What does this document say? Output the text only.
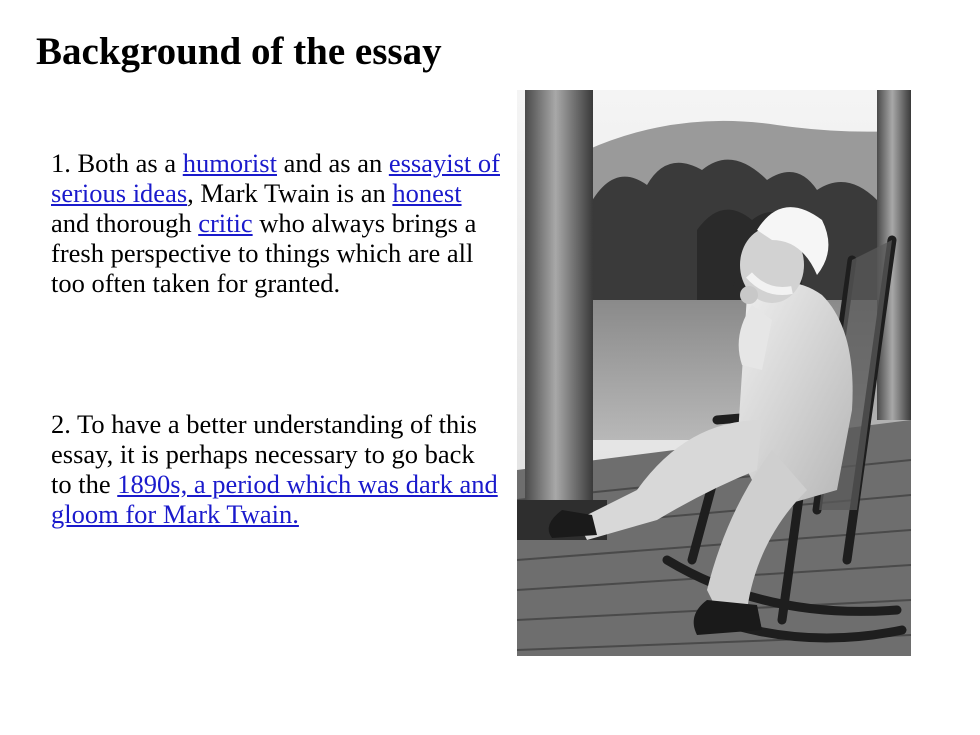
Background of the essay

1. Both as a humorist and as an essayist of serious ideas, Mark Twain is an honest and thorough critic who always brings a fresh perspective to things which are all too often taken for granted.

2. To have a better understanding of this essay, it is perhaps necessary to go back to the 1890s, a period which was dark and gloom for Mark Twain.
